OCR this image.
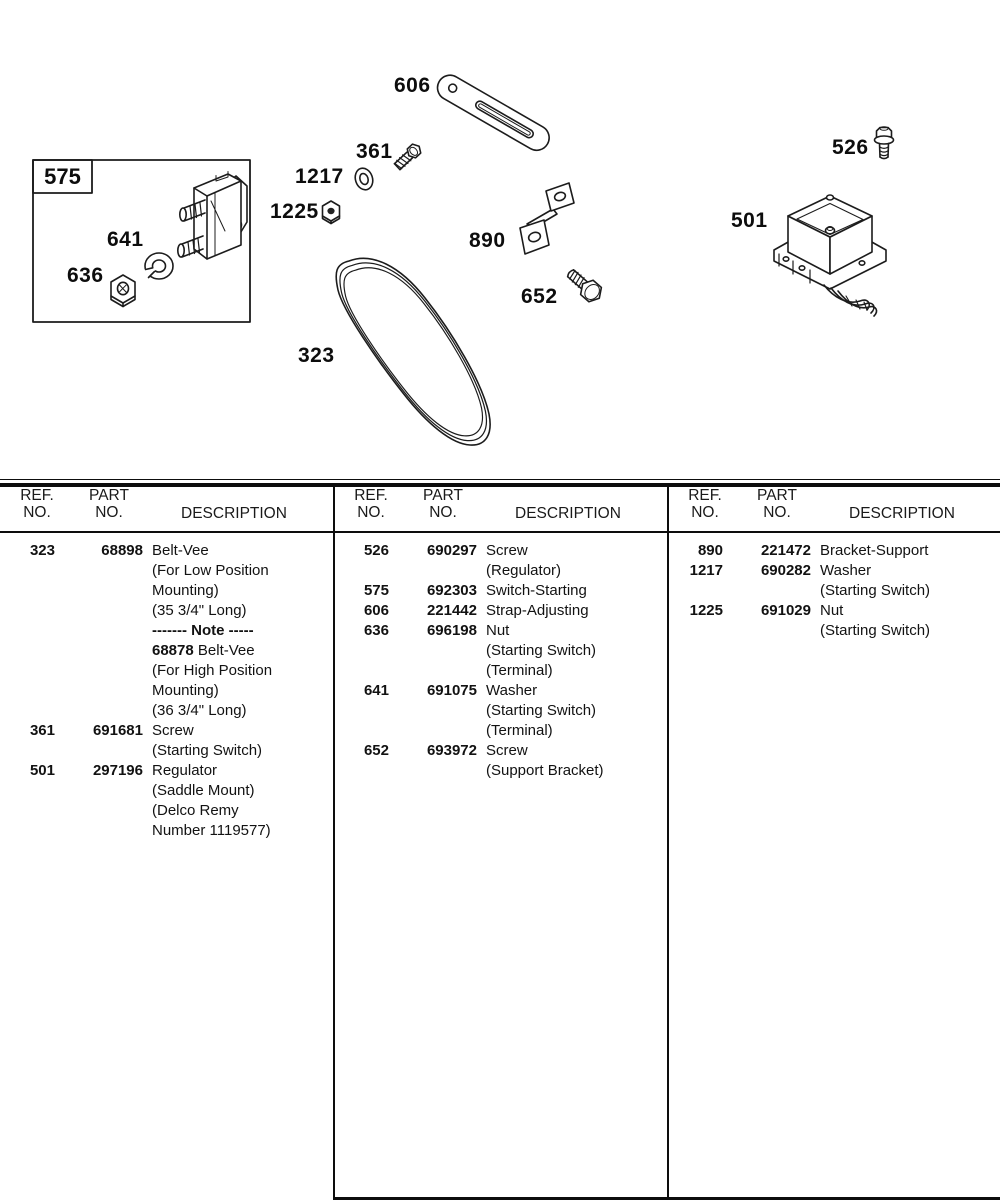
606
361
1217
1225
575
641
636
890
652
323
526
501
REF.
NO.
PART
NO.	DESCRIPTION
REF.
NO.
PART
NO.	DESCRIPTION
REF.
NO.
PART
NO.	DESCRIPTION
323	68898 Belt-Vee
(For Low Position
Mounting)
(35 3/4" Long)
------- Note -----
68878 Belt-Vee
(For High Position
Mounting)
(36 3/4" Long)
361	691681 Screw
(Starting Switch)
501	297196 Regulator
(Saddle Mount)
(Delco Remy
Number 1119577)
526	690297 Screw
(Regulator)
575	692303 Switch-Starting
606	221442 Strap-Adjusting
636	696198 Nut
(Starting Switch)
(Terminal)
641	691075 Washer
(Starting Switch)
(Terminal)
652	693972 Screw
(Support Bracket)
890	221472 Bracket-Support
1217	690282 Washer
(Starting Switch)
1225	691029 Nut
(Starting Switch)
